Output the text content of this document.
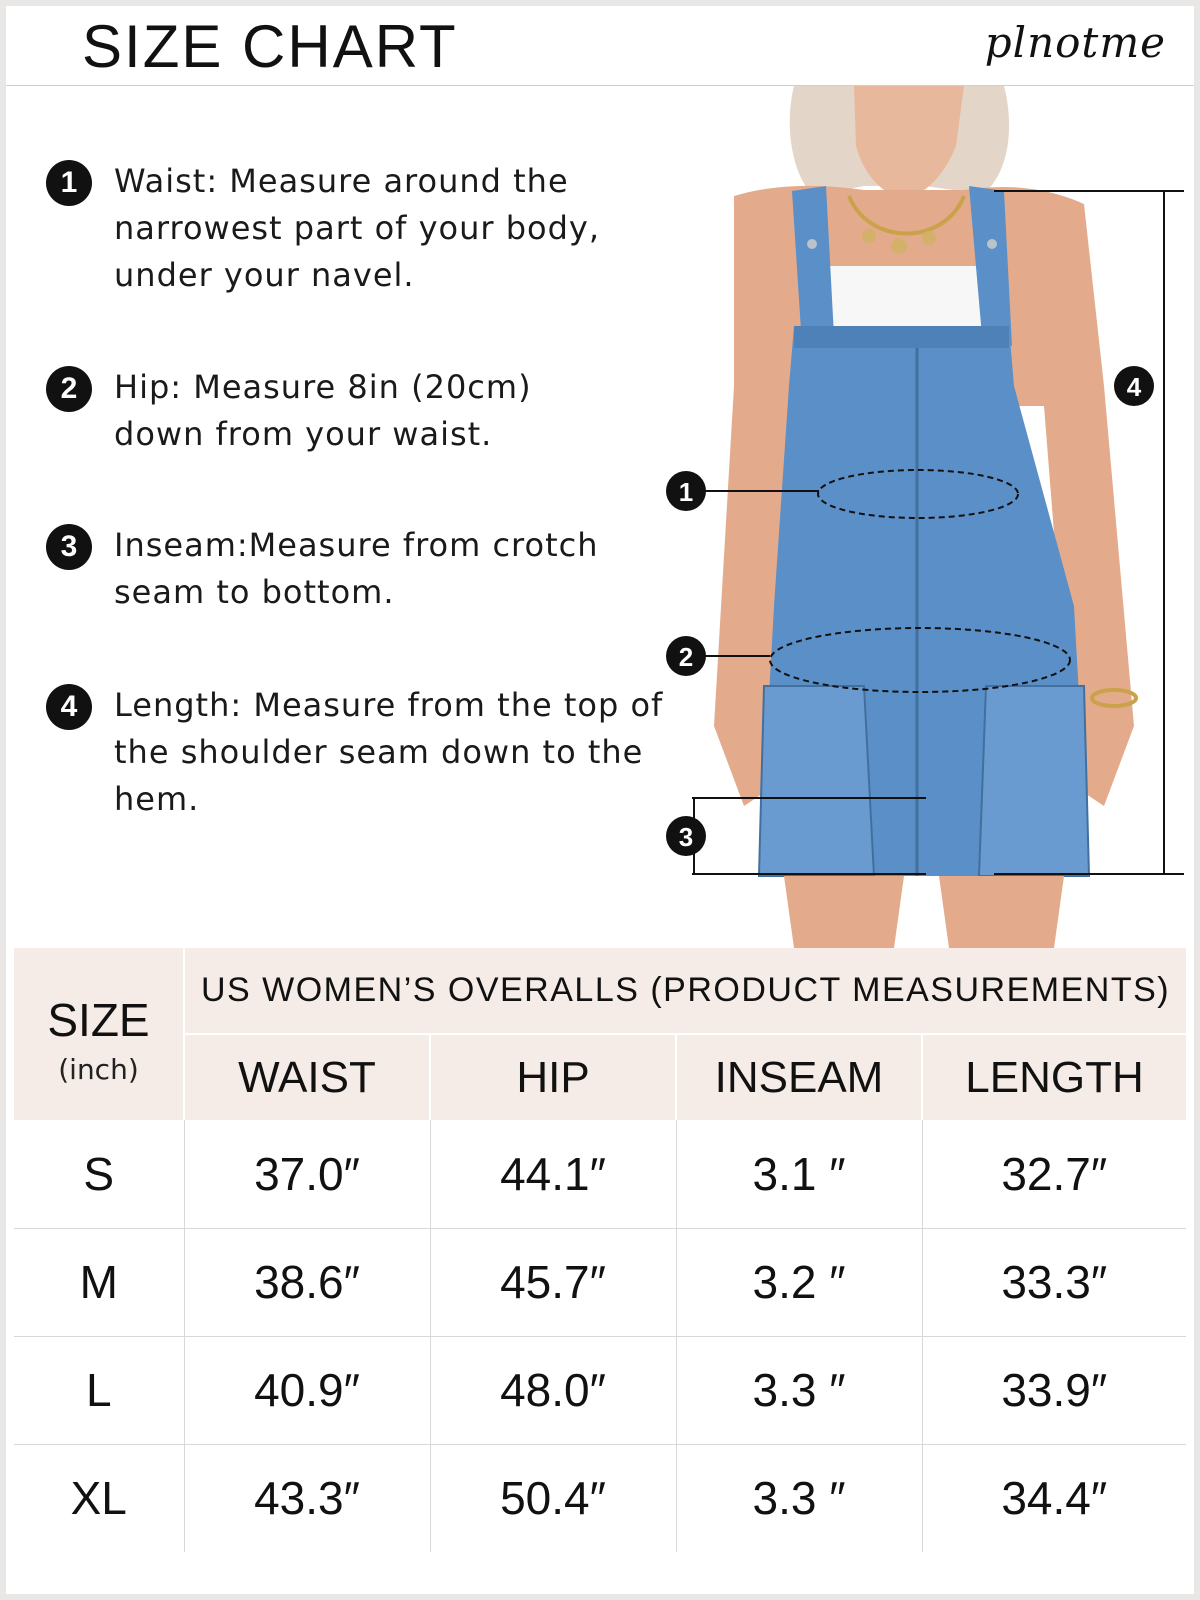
SIZE CHART	plnotme
1	Waist: Measure around the narrowest part of your body, under your navel.
2	Hip: Measure 8in (20cm) down from your waist.
3	Inseam:Measure from crotch seam to bottom.
4	Length: Measure from the top of the shoulder seam down to the hem.
1
2
3
4
SIZE
(inch)	US WOMEN’S OVERALLS (PRODUCT MEASUREMENTS)			
	WAIST	HIP	INSEAM	LENGTH
S	37.0″	44.1″	3.1 ″	32.7″
M	38.6″	45.7″	3.2 ″	33.3″
L	40.9″	48.0″	3.3 ″	33.9″
XL	43.3″	50.4″	3.3 ″	34.4″
